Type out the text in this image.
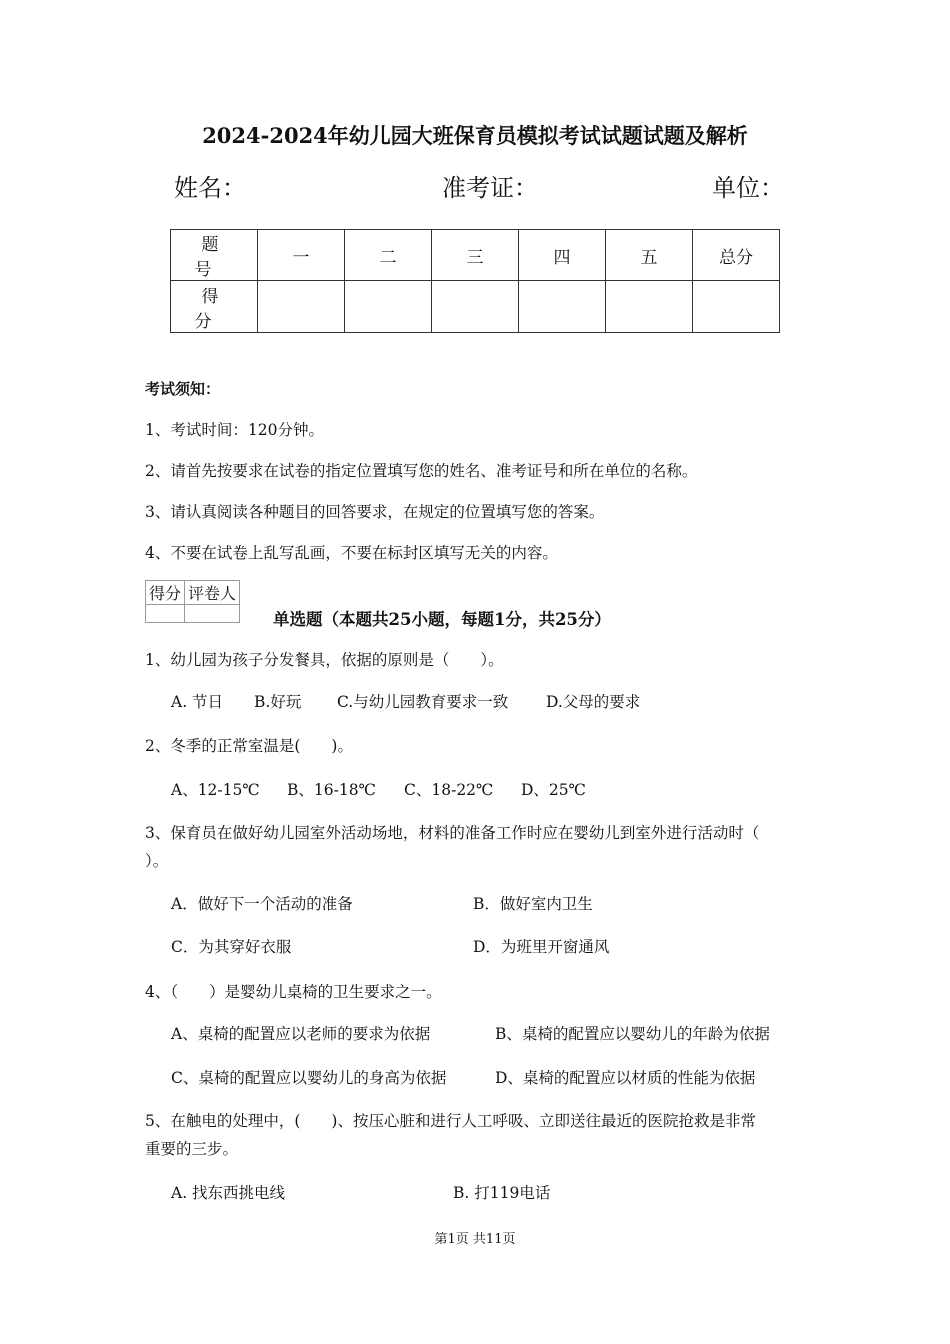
2024-2024年幼儿园大班保育员模拟考试试题试题及解析
姓名：	准考证：	单位：
题号	一	二	三	四	五	总分
得分						
考试须知：
1、考试时间：120分钟。
2、请首先按要求在试卷的指定位置填写您的姓名、准考证号和所在单位的名称。
3、请认真阅读各种题目的回答要求，在规定的位置填写您的答案。
4、不要在试卷上乱写乱画，不要在标封区填写无关的内容。
得分	评卷人

单选题（本题共25小题，每题1分，共25分）
1、幼儿园为孩子分发餐具，依据的原则是（　　）。
A. 节日 B.好玩 C.与幼儿园教育要求一致 D.父母的要求
2、冬季的正常室温是(　　)。
A、12-15℃ B、16-18℃ C、18-22℃ D、25℃
3、保育员在做好幼儿园室外活动场地，材料的准备工作时应在婴幼儿到室外进行活动时（
）。
A．做好下一个活动的准备	B．做好室内卫生
C．为其穿好衣服	D．为班里开窗通风
4、（　　）是婴幼儿桌椅的卫生要求之一。
A、桌椅的配置应以老师的要求为依据	B、桌椅的配置应以婴幼儿的年龄为依据
C、桌椅的配置应以婴幼儿的身高为依据	D、桌椅的配置应以材质的性能为依据
5、在触电的处理中，(　　)、按压心脏和进行人工呼吸、立即送往最近的医院抢救是非常
重要的三步。
A. 找东西挑电线	B. 打119电话
第1页 共11页
